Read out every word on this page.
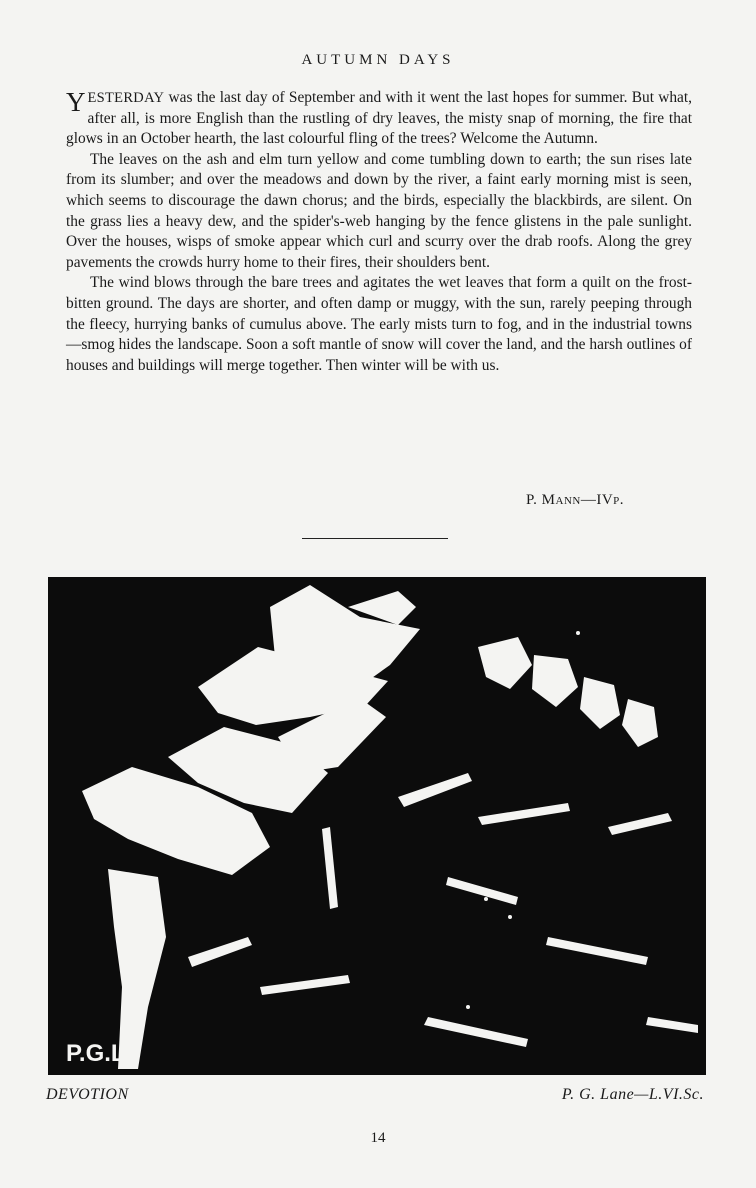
AUTUMN DAYS

YESTERDAY was the last day of September and with it went the last hopes for summer. But what, after all, is more English than the rustling of dry leaves, the misty snap of morning, the fire that glows in an October hearth, the last colourful fling of the trees? Welcome the Autumn.

The leaves on the ash and elm turn yellow and come tumbling down to earth; the sun rises late from its slumber; and over the meadows and down by the river, a faint early morning mist is seen, which seems to discourage the dawn chorus; and the birds, especially the blackbirds, are silent. On the grass lies a heavy dew, and the spider's-web hanging by the fence glistens in the pale sunlight. Over the houses, wisps of smoke appear which curl and scurry over the drab roofs. Along the grey pavements the crowds hurry home to their fires, their shoulders bent.

The wind blows through the bare trees and agitates the wet leaves that form a quilt on the frost-bitten ground. The days are shorter, and often damp or muggy, with the sun, rarely peeping through the fleecy, hurrying banks of cumulus above. The early mists turn to fog, and in the industrial towns—smog hides the landscape. Soon a soft mantle of snow will cover the land, and the harsh outlines of houses and buildings will merge together. Then winter will be with us.

P. Mann—IVp.
P.G.L.
DEVOTION	P. G. Lane—L.VI.Sc.
14
